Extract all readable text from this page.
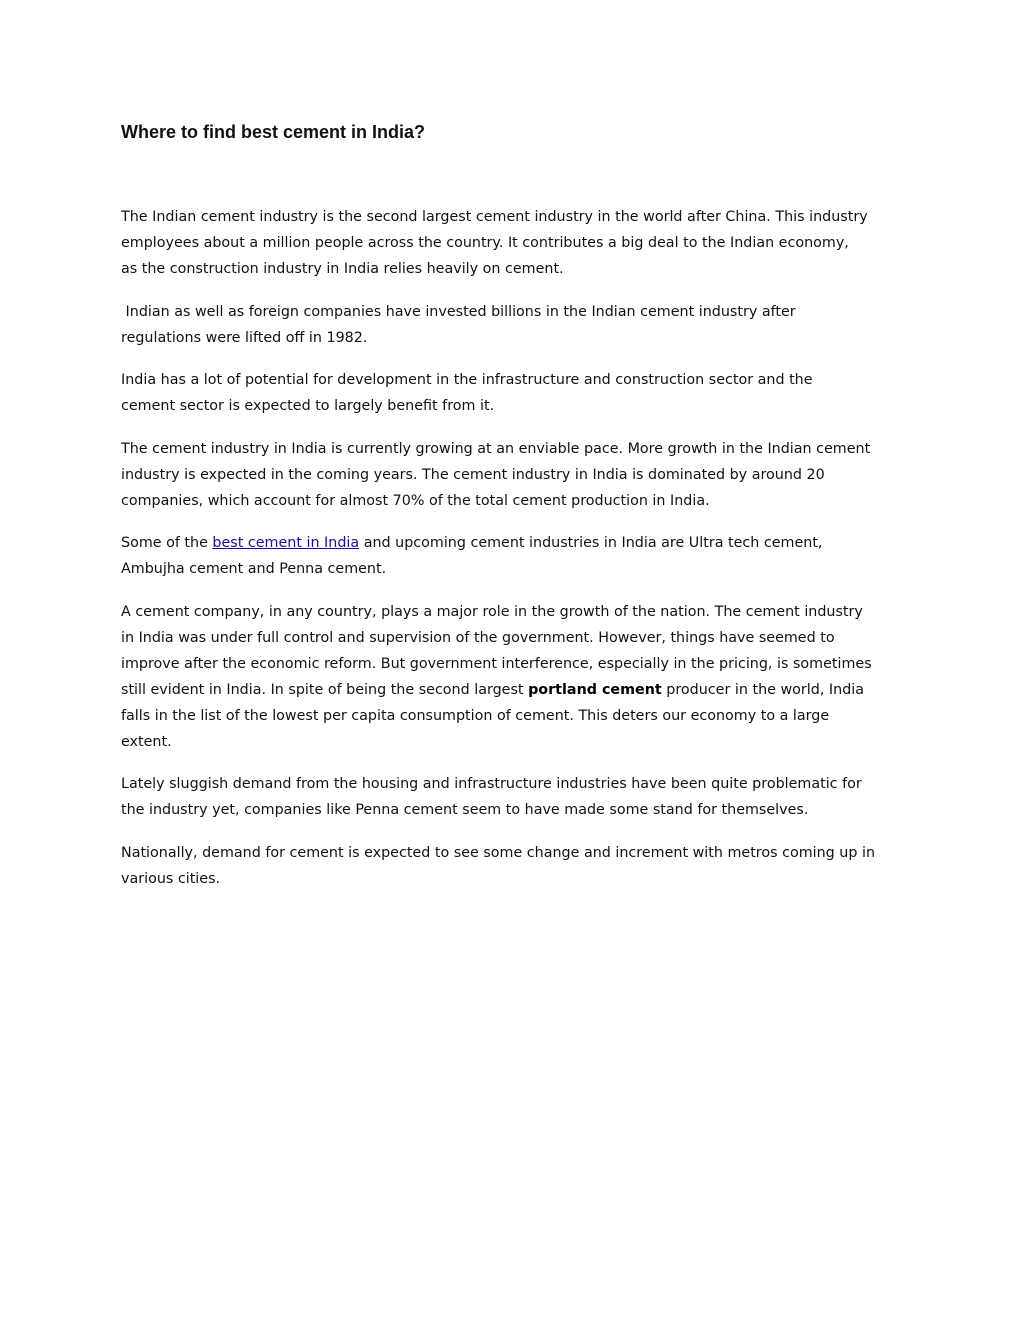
Where to find best cement in India?

The Indian cement industry is the second largest cement industry in the world after China. This industry
employees about a million people across the country. It contributes a big deal to the Indian economy,
as the construction industry in India relies heavily on cement.

Indian as well as foreign companies have invested billions in the Indian cement industry after
regulations were lifted off in 1982.

India has a lot of potential for development in the infrastructure and construction sector and the
cement sector is expected to largely benefit from it.

The cement industry in India is currently growing at an enviable pace. More growth in the Indian cement
industry is expected in the coming years. The cement industry in India is dominated by around 20
companies, which account for almost 70% of the total cement production in India.

Some of the best cement in India and upcoming cement industries in India are Ultra tech cement,
Ambujha cement and Penna cement.

A cement company, in any country, plays a major role in the growth of the nation. The cement industry
in India was under full control and supervision of the government. However, things have seemed to
improve after the economic reform. But government interference, especially in the pricing, is sometimes
still evident in India. In spite of being the second largest portland cement producer in the world, India
falls in the list of the lowest per capita consumption of cement. This deters our economy to a large
extent.

Lately sluggish demand from the housing and infrastructure industries have been quite problematic for
the industry yet, companies like Penna cement seem to have made some stand for themselves.

Nationally, demand for cement is expected to see some change and increment with metros coming up in
various cities.
